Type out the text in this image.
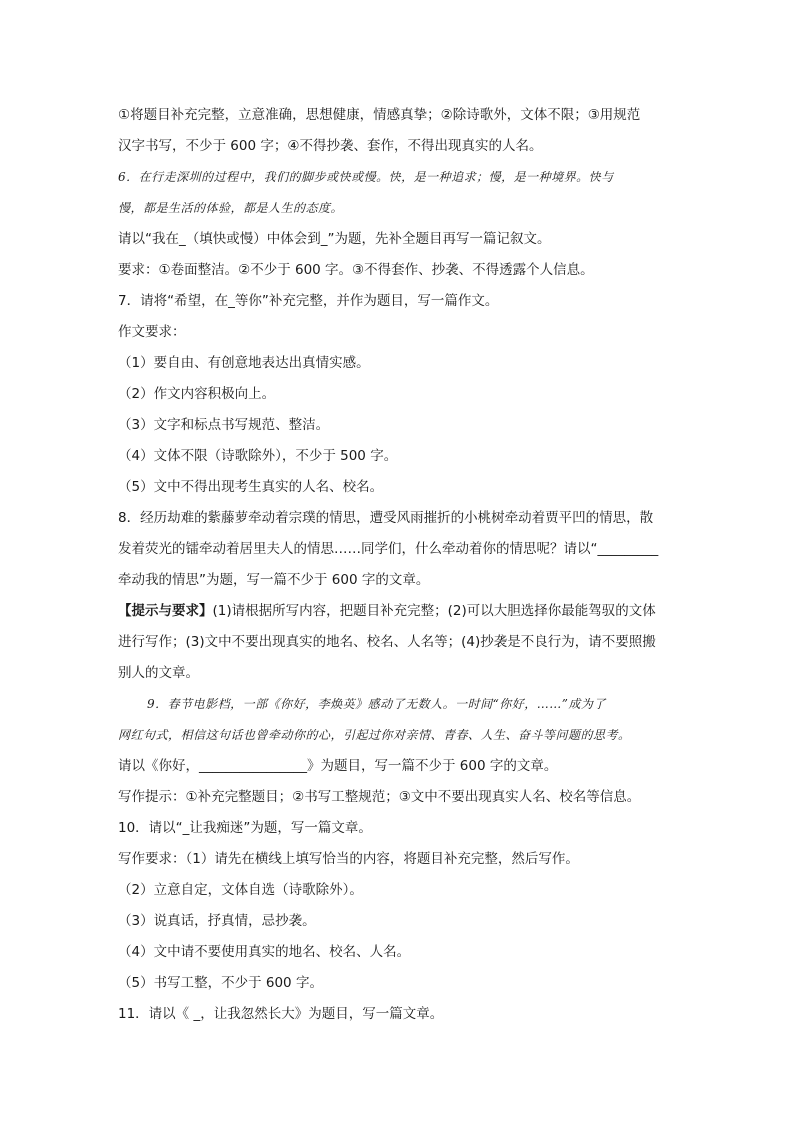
①将题目补充完整，立意准确，思想健康，情感真挚；②除诗歌外，文体不限；③用规范
汉字书写，不少于 600 字；④不得抄袭、套作，不得出现真实的人名。
6．在行走深圳的过程中，我们的脚步或快或慢。快，是一种追求；慢，是一种境界。快与
慢，都是生活的体验，都是人生的态度。
请以“我在_（填快或慢）中体会到_”为题，先补全题目再写一篇记叙文。
要求：①卷面整洁。②不少于 600 字。③不得套作、抄袭、不得透露个人信息。
7．请将“希望，在_等你”补充完整，并作为题目，写一篇作文。
作文要求：
（1）要自由、有创意地表达出真情实感。
（2）作文内容积极向上。
（3）文字和标点书写规范、整洁。
（4）文体不限（诗歌除外），不少于 500 字。
（5）文中不得出现考生真实的人名、校名。
8．经历劫难的紫藤萝牵动着宗璞的情思，遭受风雨摧折的小桃树牵动着贾平凹的情思，散
发着荧光的镭牵动着居里夫人的情思……同学们，什么牵动着你的情思呢？请以“_________
牵动我的情思”为题，写一篇不少于 600 字的文章。
【提示与要求】(1)请根据所写内容，把题目补充完整；(2)可以大胆选择你最能驾驭的文体
进行写作；(3)文中不要出现真实的地名、校名、人名等；(4)抄袭是不良行为，请不要照搬
别人的文章。
9．春节电影档，一部《你好，李焕英》感动了无数人。一时间“你好，……”成为了
网红句式，相信这句话也曾牵动你的心，引起过你对亲情、青春、人生、奋斗等问题的思考。
请以《你好，________________》为题目，写一篇不少于 600 字的文章。
写作提示：①补充完整题目；②书写工整规范；③文中不要出现真实人名、校名等信息。
10．请以“_让我痴迷”为题，写一篇文章。
写作要求：（1）请先在横线上填写恰当的内容，将题目补充完整，然后写作。
（2）立意自定，文体自选（诗歌除外）。
（3）说真话，抒真情，忌抄袭。
（4）文中请不要使用真实的地名、校名、人名。
（5）书写工整，不少于 600 字。
11．请以《 _，让我忽然长大》为题目，写一篇文章。
